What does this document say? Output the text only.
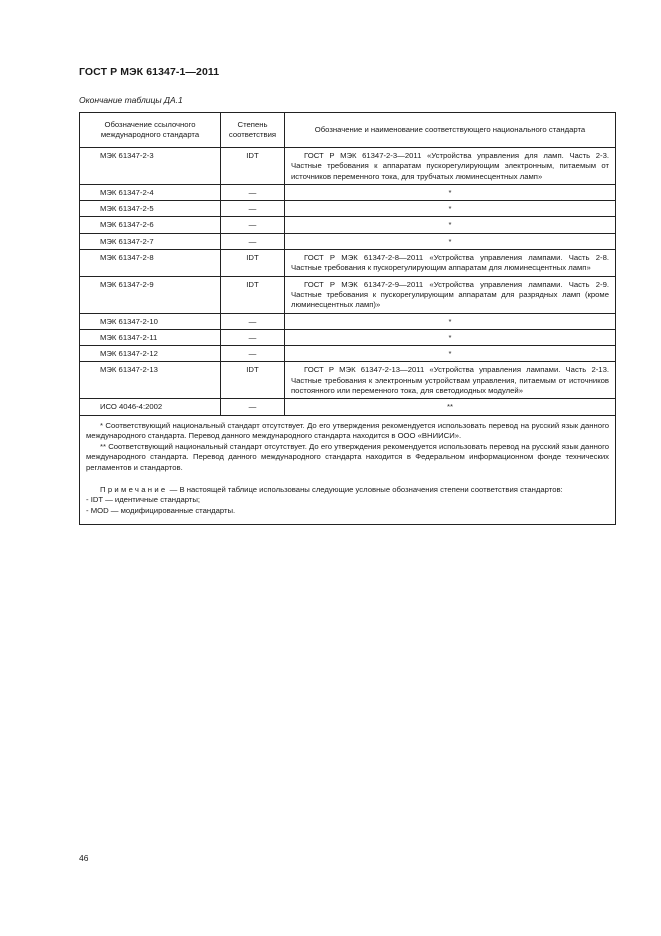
ГОСТ Р МЭК 61347-1—2011
Окончание таблицы ДА.1
Обозначение ссылочного международного стандарта	Степень соответствия	Обозначение и наименование соответствующего национального стандарта
МЭК 61347-2-3	IDT	ГОСТ Р МЭК 61347-2-3—2011 «Устройства управления для ламп. Часть 2-3. Частные требования к аппаратам пускорегулирующим электронным, питаемым от источников переменного тока, для трубчатых люминесцентных ламп»
МЭК 61347-2-4	—	*
МЭК 61347-2-5	—	*
МЭК 61347-2-6	—	*
МЭК 61347-2-7	—	*
МЭК 61347-2-8	IDT	ГОСТ Р МЭК 61347-2-8—2011 «Устройства управления лампами. Часть 2-8. Частные требования к пускорегулирующим аппаратам для люминесцентных ламп»
МЭК 61347-2-9	IDT	ГОСТ Р МЭК 61347-2-9—2011 «Устройства управления лампами. Часть 2-9. Частные требования к пускорегулирующим аппаратам для разрядных ламп (кроме люминесцентных ламп)»
МЭК 61347-2-10	—	*
МЭК 61347-2-11	—	*
МЭК 61347-2-12	—	*
МЭК 61347-2-13	IDT	ГОСТ Р МЭК 61347-2-13—2011 «Устройства управления лампами. Часть 2-13. Частные требования к электронным устройствам управления, питаемым от источников постоянного или переменного тока, для светодиодных модулей»
ИСО 4046-4:2002	—	**

* Соответствующий национальный стандарт отсутствует. До его утверждения рекомендуется использовать перевод на русский язык данного международного стандарта. Перевод данного международного стандарта находится в ООО «ВНИИСИ».

** Соответствующий национальный стандарт отсутствует. До его утверждения рекомендуется использовать перевод на русский язык данного международного стандарта. Перевод данного международного стандарта находится в Федеральном информационном фонде технических регламентов и стандартов.

Примечание — В настоящей таблице использованы следующие условные обозначения степени соответствия стандартов:

- IDT — идентичные стандарты;

- MOD — модифицированные стандарты.		

46
